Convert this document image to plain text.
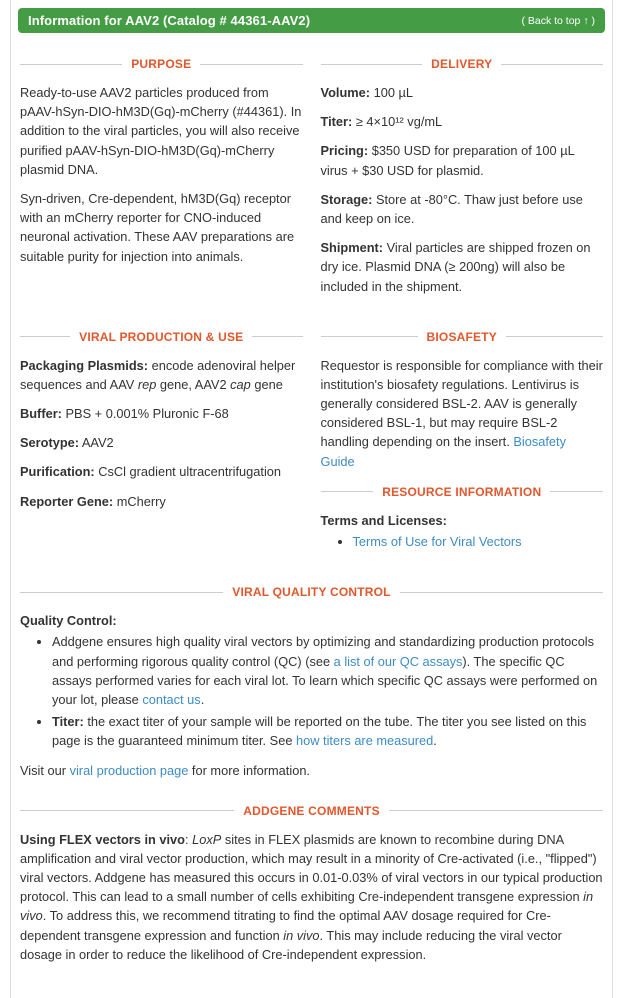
Information for AAV2 (Catalog # 44361-AAV2)	( Back to top ↑ )
PURPOSE

Ready-to-use AAV2 particles produced from pAAV-hSyn-DIO-hM3D(Gq)-mCherry (#44361). In addition to the viral particles, you will also receive purified pAAV-hSyn-DIO-hM3D(Gq)-mCherry plasmid DNA.

Syn-driven, Cre-dependent, hM3D(Gq) receptor with an mCherry reporter for CNO-induced neuronal activation. These AAV preparations are suitable purity for injection into animals.

DELIVERY

Volume: 100 µL

Titer: ≥ 4×10¹² vg/mL

Pricing: $350 USD for preparation of 100 µL virus + $30 USD for plasmid.

Storage: Store at -80°C. Thaw just before use and keep on ice.

Shipment: Viral particles are shipped frozen on dry ice. Plasmid DNA (≥ 200ng) will also be included in the shipment.

VIRAL PRODUCTION & USE

Packaging Plasmids: encode adenoviral helper sequences and AAV rep gene, AAV2 cap gene

Buffer: PBS + 0.001% Pluronic F-68

Serotype: AAV2

Purification: CsCl gradient ultracentrifugation

Reporter Gene: mCherry

BIOSAFETY

Requestor is responsible for compliance with their institution's biosafety regulations. Lentivirus is generally considered BSL-2. AAV is generally considered BSL-1, but may require BSL-2 handling depending on the insert. Biosafety Guide

RESOURCE INFORMATION

Terms and Licenses:

• Terms of Use for Viral Vectors
VIRAL QUALITY CONTROL

Quality Control:

• Addgene ensures high quality viral vectors by optimizing and standardizing production protocols and performing rigorous quality control (QC) (see a list of our QC assays). The specific QC assays performed varies for each viral lot. To learn which specific QC assays were performed on your lot, please contact us.
• Titer: the exact titer of your sample will be reported on the tube. The titer you see listed on this page is the guaranteed minimum titer. See how titers are measured.

Visit our viral production page for more information.

ADDGENE COMMENTS

Using FLEX vectors in vivo: LoxP sites in FLEX plasmids are known to recombine during DNA amplification and viral vector production, which may result in a minority of Cre-activated (i.e., "flipped") viral vectors. Addgene has measured this occurs in 0.01-0.03% of viral vectors in our typical production protocol. This can lead to a small number of cells exhibiting Cre-independent transgene expression in vivo. To address this, we recommend titrating to find the optimal AAV dosage required for Cre-dependent transgene expression and function in vivo. This may include reducing the viral vector dosage in order to reduce the likelihood of Cre-independent expression.
